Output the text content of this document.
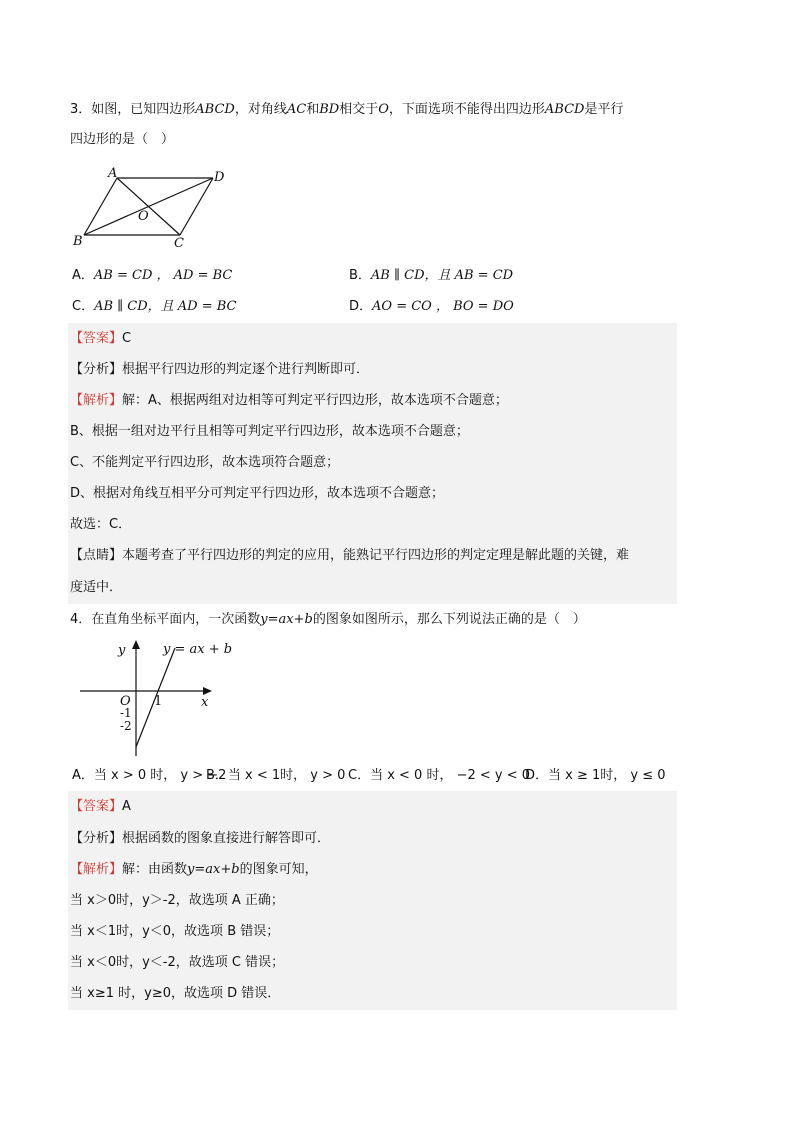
3．如图，已知四边形ABCD，对角线AC和BD相交于O，下面选项不能得出四边形ABCD是平行
四边形的是（　）
A	D
B	C
O
A．AB = CD ， AD = BC	B．AB ∥ CD，且 AB = CD
C．AB ∥ CD，且 AD = BC	D．AO = CO ， BO = DO
【答案】C
【分析】根据平行四边形的判定逐个进行判断即可．
【解析】解：A、根据两组对边相等可判定平行四边形，故本选项不合题意；
B、根据一组对边平行且相等可判定平行四边形，故本选项不合题意；
C、不能判定平行四边形，故本选项符合题意；
D、根据对角线互相平分可判定平行四边形，故本选项不合题意；
故选：C．
【点睛】本题考查了平行四边形的判定的应用，能熟记平行四边形的判定定理是解此题的关键，难
度适中．
4．在直角坐标平面内，一次函数y=ax+b的图象如图所示，那么下列说法正确的是（　）
y
x
O 1
-1
-2
y = ax + b
A．当 x > 0 时， y > −2
B．当 x < 1时， y > 0 C．当 x < 0 时， −2 < y < 0
D．当 x ≥ 1时， y ≤ 0
【答案】A
【分析】根据函数的图象直接进行解答即可．
【解析】解：由函数y=ax+b的图象可知，
当 x＞0时，y＞-2，故选项 A 正确；
当 x＜1时，y＜0，故选项 B 错误；
当 x＜0时，y＜-2，故选项 C 错误；
当 x≥1 时，y≥0，故选项 D 错误．
